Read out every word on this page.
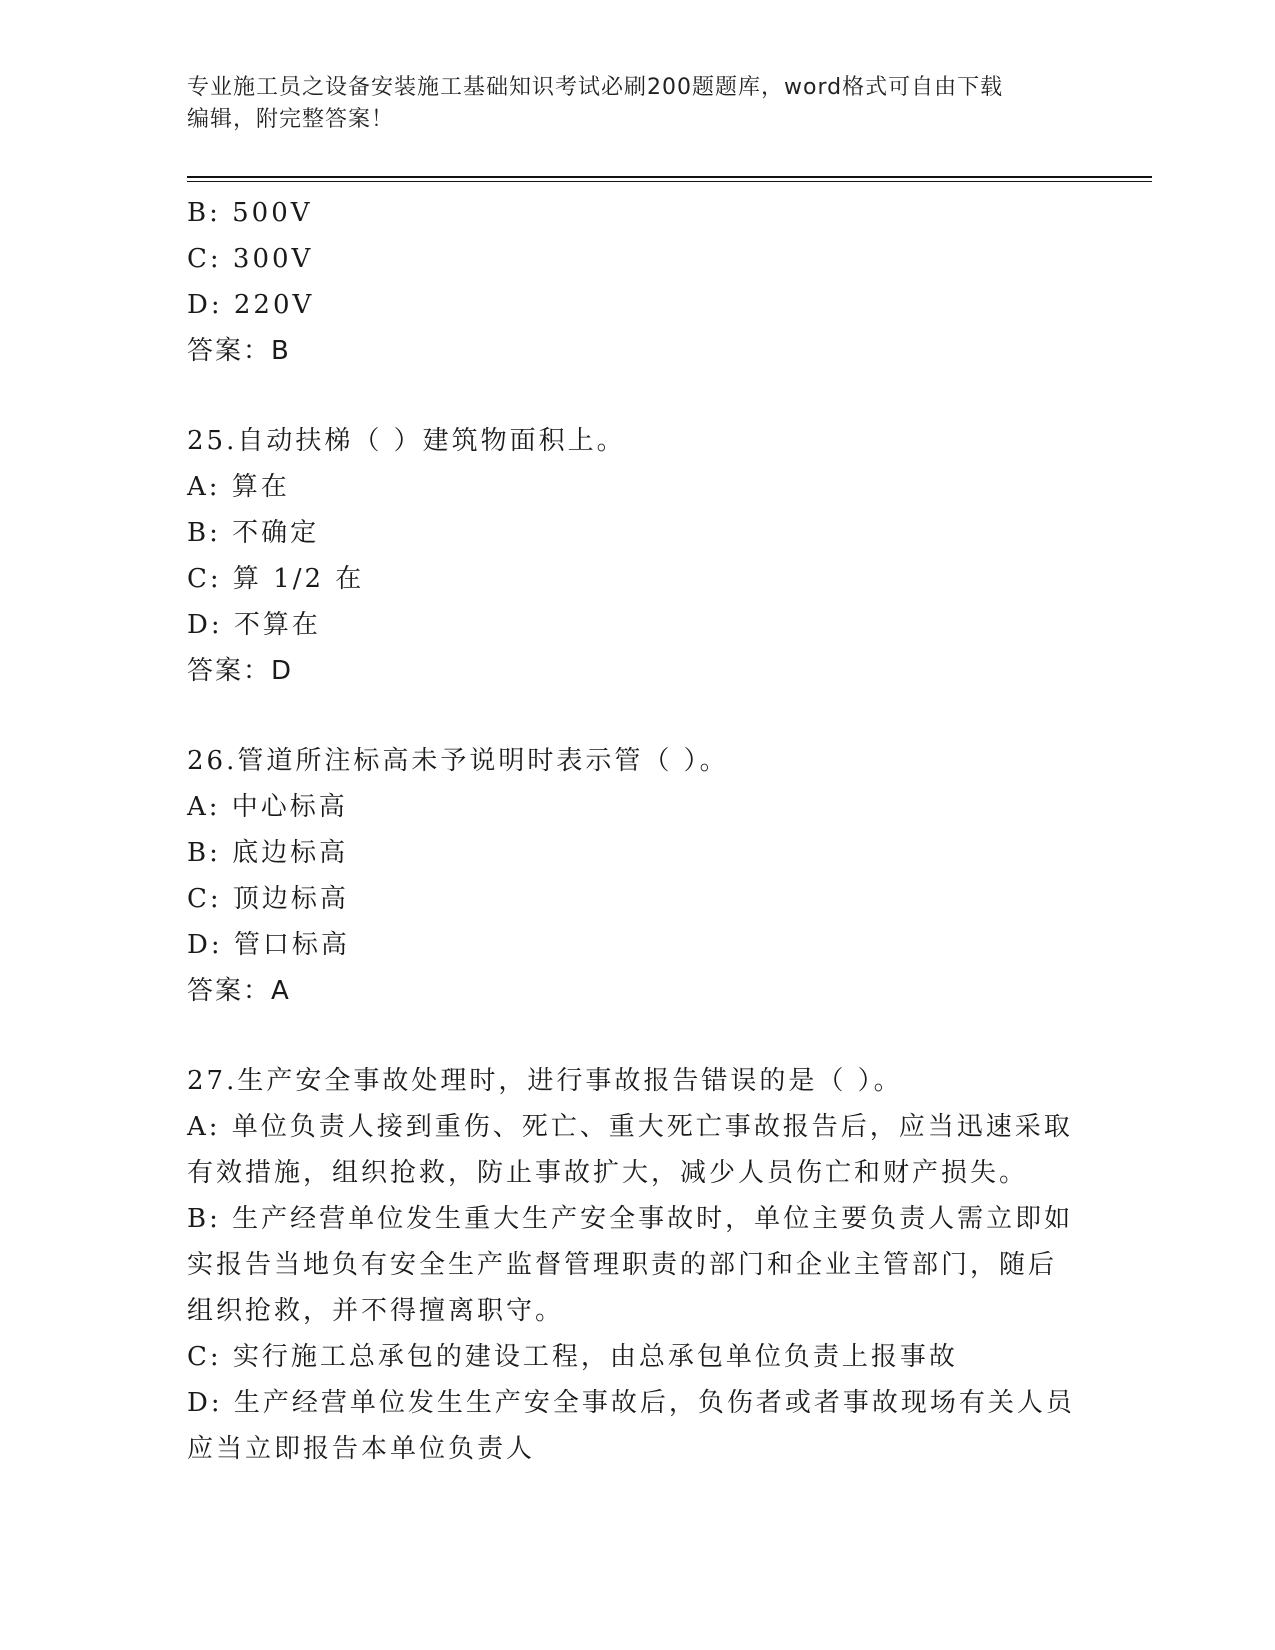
专业施工员之设备安装施工基础知识考试必刷200题题库，word格式可自由下载
编辑，附完整答案！

B: 500V

C: 300V

D: 220V

答案：B

25.自动扶梯（ ）建筑物面积上。

A: 算在

B: 不确定

C: 算 1/2 在

D: 不算在

答案：D

26.管道所注标高未予说明时表示管（ ）。

A: 中心标高

B: 底边标高

C: 顶边标高

D: 管口标高

答案：A

27.生产安全事故处理时，进行事故报告错误的是（ ）。

A: 单位负责人接到重伤、死亡、重大死亡事故报告后，应当迅速采取

有效措施，组织抢救，防止事故扩大，减少人员伤亡和财产损失。

B: 生产经营单位发生重大生产安全事故时，单位主要负责人需立即如

实报告当地负有安全生产监督管理职责的部门和企业主管部门，随后

组织抢救，并不得擅离职守。

C: 实行施工总承包的建设工程，由总承包单位负责上报事故

D: 生产经营单位发生生产安全事故后，负伤者或者事故现场有关人员

应当立即报告本单位负责人
